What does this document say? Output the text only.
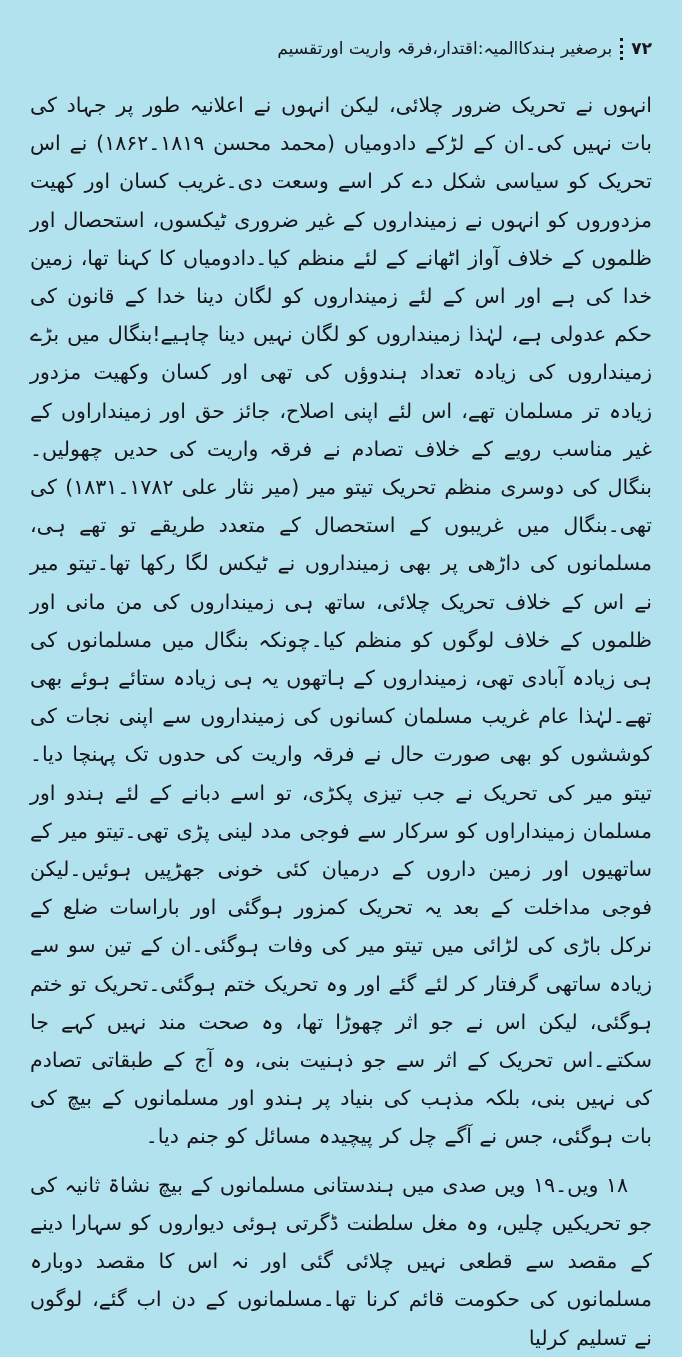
۷۲
برصغیر ہندکاالمیہ:اقتدار،فرقہ واریت اورتقسیم

انہوں نے تحریک ضرور چلائی، لیکن انہوں نے اعلانیہ طور پر جہاد کی بات نہیں کی۔ان کے لڑکے دادومیاں (محمد محسن ۱۸۱۹۔۱۸۶۲) نے اس تحریک کو سیاسی شکل دے کر اسے وسعت دی۔غریب کسان اور کھیت مزدوروں کو انہوں نے زمینداروں کے غیر ضروری ٹیکسوں، استحصال اور ظلموں کے خلاف آواز اٹھانے کے لئے منظم کیا۔دادومیاں کا کہنا تھا، زمین خدا کی ہے اور اس کے لئے زمینداروں کو لگان دینا خدا کے قانون کی حکم عدولی ہے، لہٰذا زمینداروں کو لگان نہیں دینا چاہیے!بنگال میں بڑے زمینداروں کی زیادہ تعداد ہندوؤں کی تھی اور کسان وکھیت مزدور زیادہ تر مسلمان تھے، اس لئے اپنی اصلاح، جائز حق اور زمینداراوں کے غیر مناسب رویے کے خلاف تصادم نے فرقہ واریت کی حدیں چھولیں۔بنگال کی دوسری منظم تحریک تیتو میر (میر نثار علی ۱۷۸۲۔۱۸۳۱) کی تھی۔بنگال میں غریبوں کے استحصال کے متعدد طریقے تو تھے ہی، مسلمانوں کی داڑھی پر بھی زمینداروں نے ٹیکس لگا رکھا تھا۔تیتو میر نے اس کے خلاف تحریک چلائی، ساتھ ہی زمینداروں کی من مانی اور ظلموں کے خلاف لوگوں کو منظم کیا۔چونکہ بنگال میں مسلمانوں کی ہی زیادہ آبادی تھی، زمینداروں کے ہاتھوں یہ ہی زیادہ ستائے ہوئے بھی تھے۔لہٰذا عام غریب مسلمان کسانوں کی زمینداروں سے اپنی نجات کی کوششوں کو بھی صورت حال نے فرقہ واریت کی حدوں تک پہنچا دیا۔تیتو میر کی تحریک نے جب تیزی پکڑی، تو اسے دبانے کے لئے ہندو اور مسلمان زمینداراوں کو سرکار سے فوجی مدد لینی پڑی تھی۔تیتو میر کے ساتھیوں اور زمین داروں کے درمیان کئی خونی جھڑپیں ہوئیں۔لیکن فوجی مداخلت کے بعد یہ تحریک کمزور ہوگئی اور باراسات ضلع کے نرکل باڑی کی لڑائی میں تیتو میر کی وفات ہوگئی۔ان کے تین سو سے زیادہ ساتھی گرفتار کر لئے گئے اور وہ تحریک ختم ہوگئی۔تحریک تو ختم ہوگئی، لیکن اس نے جو اثر چھوڑا تھا، وہ صحت مند نہیں کہے جا سکتے۔اس تحریک کے اثر سے جو ذہنیت بنی، وہ آج کے طبقاتی تصادم کی نہیں بنی، بلکہ مذہب کی بنیاد پر ہندو اور مسلمانوں کے بیچ کی بات ہوگئی، جس نے آگے چل کر پیچیدہ مسائل کو جنم دیا۔

۱۸ ویں۔۱۹ ویں صدی میں ہندستانی مسلمانوں کے بیچ نشاۃ ثانیہ کی جو تحریکیں چلیں، وہ مغل سلطنت ڈگرتی ہوئی دیواروں کو سہارا دینے کے مقصد سے قطعی نہیں چلائی گئی اور نہ اس کا مقصد دوبارہ مسلمانوں کی حکومت قائم کرنا تھا۔مسلمانوں کے دن اب گئے، لوگوں نے تسلیم کرلیا
